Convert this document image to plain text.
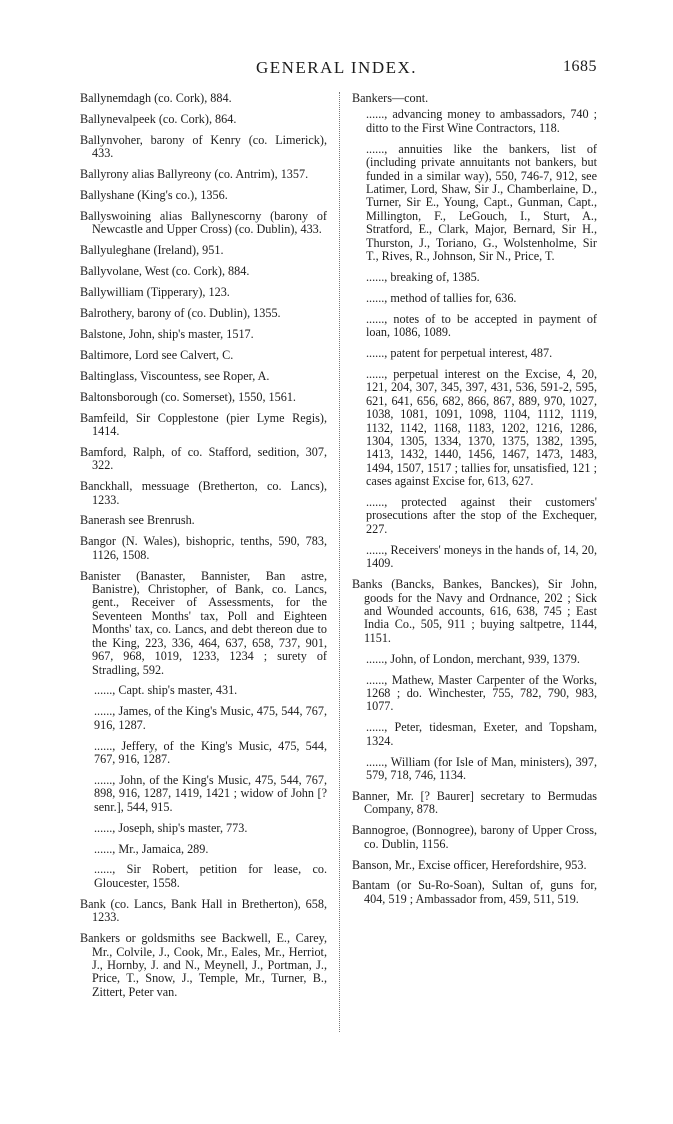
GENERAL INDEX.	1685

Ballynemdagh (co. Cork), 884.

Ballynevalpeek (co. Cork), 864.

Ballynvoher, barony of Kenry (co. Limerick), 433.

Ballyrony alias Ballyreony (co. Antrim), 1357.

Ballyshane (King's co.), 1356.

Ballyswoining alias Ballynescorny (barony of Newcastle and Upper Cross) (co. Dublin), 433.

Ballyuleghane (Ireland), 951.

Ballyvolane, West (co. Cork), 884.

Ballywilliam (Tipperary), 123.

Balrothery, barony of (co. Dublin), 1355.

Balstone, John, ship's master, 1517.

Baltimore, Lord see Calvert, C.

Baltinglass, Viscountess, see Roper, A.

Baltonsborough (co. Somerset), 1550, 1561.

Bamfeild, Sir Copplestone (pier Lyme Regis), 1414.

Bamford, Ralph, of co. Stafford, sedition, 307, 322.

Banckhall, messuage (Bretherton, co. Lancs), 1233.

Banerash see Brenrush.

Bangor (N. Wales), bishopric, tenths, 590, 783, 1126, 1508.

Banister (Banaster, Bannister, Ban astre, Banistre), Christopher, of Bank, co. Lancs, gent., Receiver of Assessments, for the Seventeen Months' tax, Poll and Eighteen Months' tax, co. Lancs, and debt thereon due to the King, 223, 336, 464, 637, 658, 737, 901, 967, 968, 1019, 1233, 1234 ; surety of Stradling, 592.

......, Capt. ship's master, 431.

......, James, of the King's Music, 475, 544, 767, 916, 1287.

......, Jeffery, of the King's Music, 475, 544, 767, 916, 1287.

......, John, of the King's Music, 475, 544, 767, 898, 916, 1287, 1419, 1421 ; widow of John [? senr.], 544, 915.

......, Joseph, ship's master, 773.

......, Mr., Jamaica, 289.

......, Sir Robert, petition for lease, co. Gloucester, 1558.

Bank (co. Lancs, Bank Hall in Bretherton), 658, 1233.

Bankers or goldsmiths see Backwell, E., Carey, Mr., Colvile, J., Cook, Mr., Eales, Mr., Herriot, J., Hornby, J. and N., Meynell, J., Portman, J., Price, T., Snow, J., Temple, Mr., Turner, B., Zittert, Peter van.

Bankers—cont.

......, advancing money to ambassadors, 740 ; ditto to the First Wine Contractors, 118.

......, annuities like the bankers, list of (including private annuitants not bankers, but funded in a similar way), 550, 746-7, 912, see Latimer, Lord, Shaw, Sir J., Chamberlaine, D., Turner, Sir E., Young, Capt., Gunman, Capt., Millington, F., LeGouch, I., Sturt, A., Stratford, E., Clark, Major, Bernard, Sir H., Thurston, J., Toriano, G., Wolstenholme, Sir T., Rives, R., Johnson, Sir N., Price, T.

......, breaking of, 1385.

......, method of tallies for, 636.

......, notes of to be accepted in payment of loan, 1086, 1089.

......, patent for perpetual interest, 487.

......, perpetual interest on the Excise, 4, 20, 121, 204, 307, 345, 397, 431, 536, 591-2, 595, 621, 641, 656, 682, 866, 867, 889, 970, 1027, 1038, 1081, 1091, 1098, 1104, 1112, 1119, 1132, 1142, 1168, 1183, 1202, 1216, 1286, 1304, 1305, 1334, 1370, 1375, 1382, 1395, 1413, 1432, 1440, 1456, 1467, 1473, 1483, 1494, 1507, 1517 ; tallies for, unsatisfied, 121 ; cases against Excise for, 613, 627.

......, protected against their customers' prosecutions after the stop of the Exchequer, 227.

......, Receivers' moneys in the hands of, 14, 20, 1409.

Banks (Bancks, Bankes, Banckes), Sir John, goods for the Navy and Ordnance, 202 ; Sick and Wounded accounts, 616, 638, 745 ; East India Co., 505, 911 ; buying saltpetre, 1144, 1151.

......, John, of London, merchant, 939, 1379.

......, Mathew, Master Carpenter of the Works, 1268 ; do. Winchester, 755, 782, 790, 983, 1077.

......, Peter, tidesman, Exeter, and Topsham, 1324.

......, William (for Isle of Man, ministers), 397, 579, 718, 746, 1134.

Banner, Mr. [? Baurer] secretary to Bermudas Company, 878.

Bannogroe, (Bonnogree), barony of Upper Cross, co. Dublin, 1156.

Banson, Mr., Excise officer, Herefordshire, 953.

Bantam (or Su-Ro-Soan), Sultan of, guns for, 404, 519 ; Ambassador from, 459, 511, 519.
